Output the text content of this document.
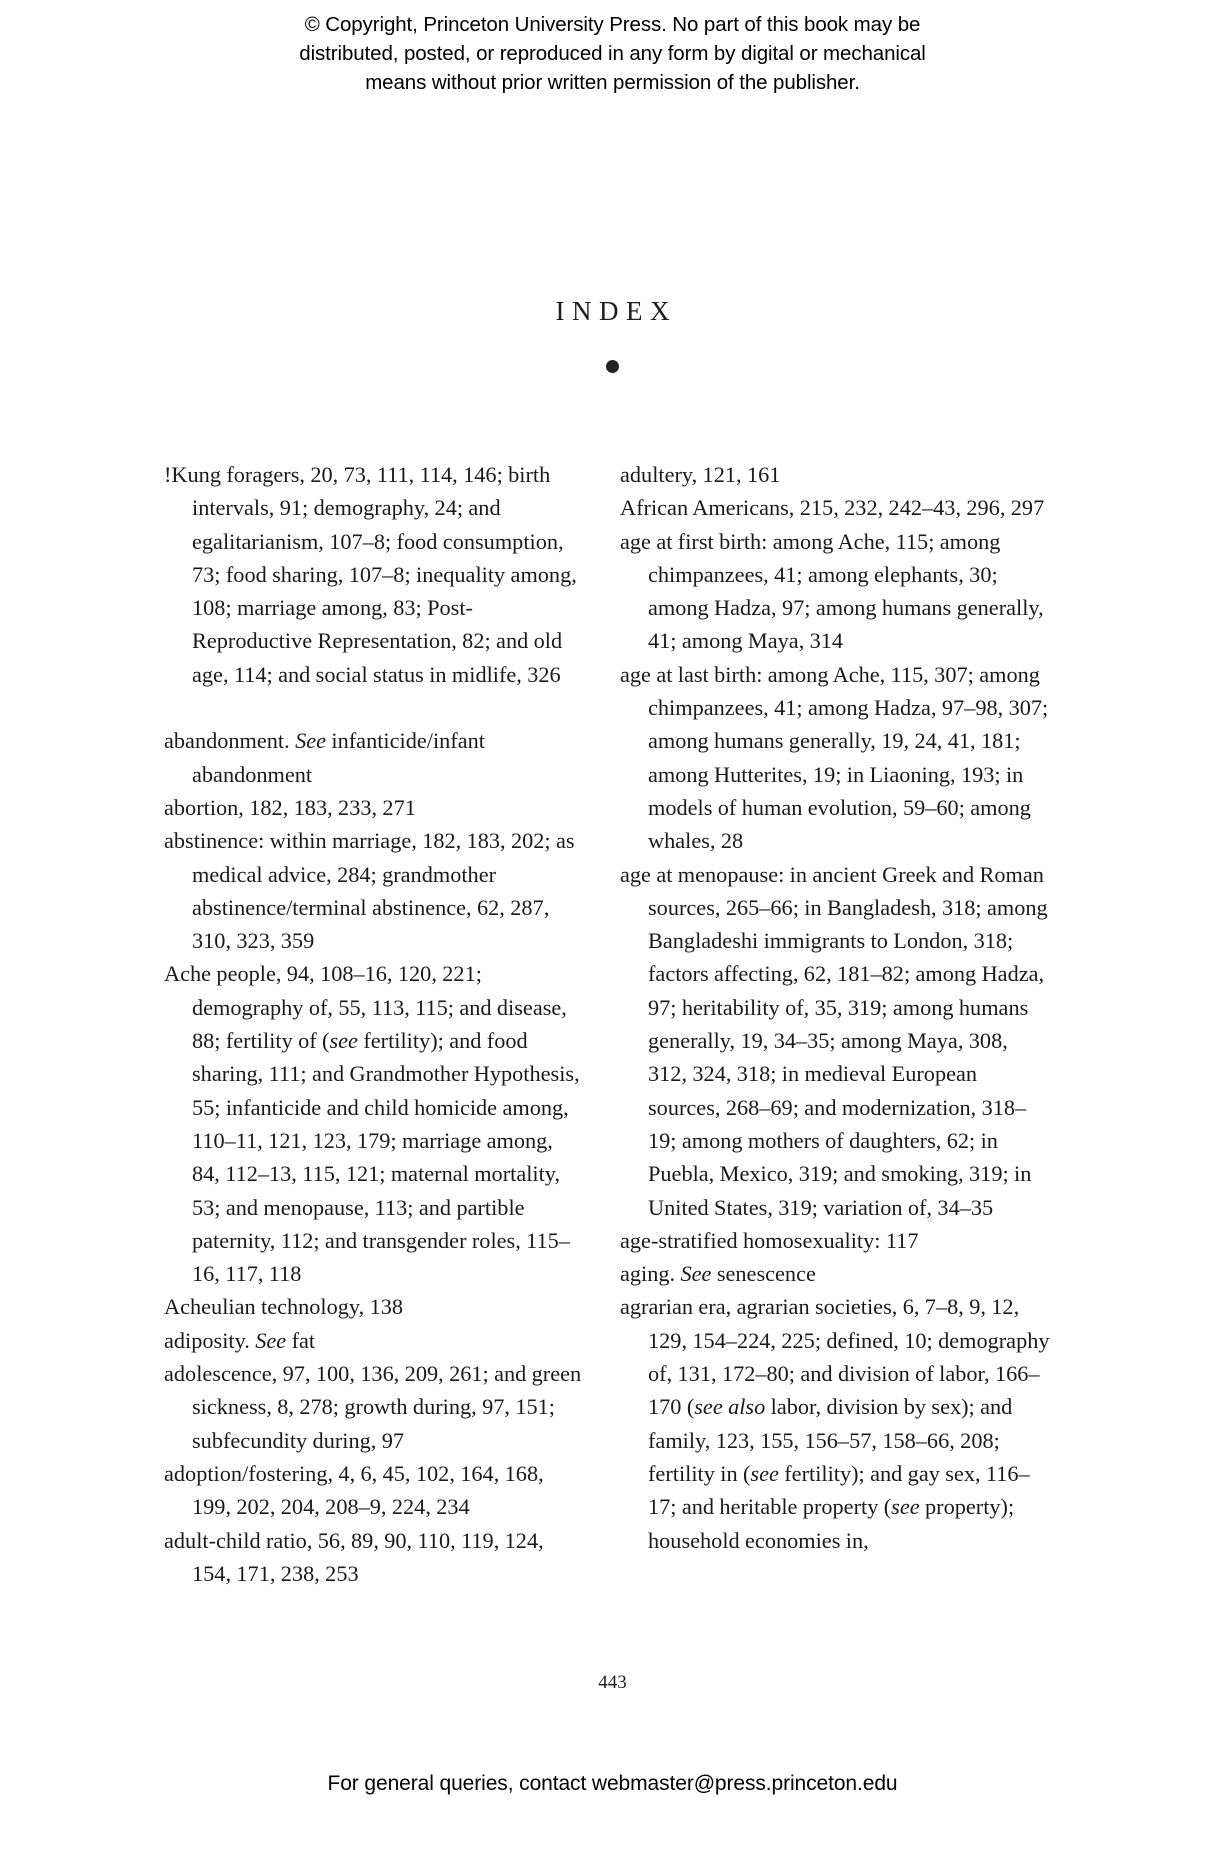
© Copyright, Princeton University Press. No part of this book may be
distributed, posted, or reproduced in any form by digital or mechanical
means without prior written permission of the publisher.
INDEX

!Kung foragers, 20, 73, 111, 114, 146; birth intervals, 91; demography, 24; and egalitarianism, 107–8; food consumption, 73; food sharing, 107–8; inequality among, 108; marriage among, 83; Post-Reproductive Representation, 82; and old age, 114; and social status in midlife, 326

abandonment. See infanticide/infant abandonment

abortion, 182, 183, 233, 271

abstinence: within marriage, 182, 183, 202; as medical advice, 284; grandmother abstinence/terminal abstinence, 62, 287, 310, 323, 359

Ache people, 94, 108–16, 120, 221; demography of, 55, 113, 115; and disease, 88; fertility of (see fertility); and food sharing, 111; and Grandmother Hypothesis, 55; infanticide and child homicide among, 110–11, 121, 123, 179; marriage among, 84, 112–13, 115, 121; maternal mortality, 53; and menopause, 113; and partible paternity, 112; and transgender roles, 115–16, 117, 118

Acheulian technology, 138

adiposity. See fat

adolescence, 97, 100, 136, 209, 261; and green sickness, 8, 278; growth during, 97, 151; subfecundity during, 97

adoption/fostering, 4, 6, 45, 102, 164, 168, 199, 202, 204, 208–9, 224, 234

adult-child ratio, 56, 89, 90, 110, 119, 124, 154, 171, 238, 253

adultery, 121, 161

African Americans, 215, 232, 242–43, 296, 297

age at first birth: among Ache, 115; among chimpanzees, 41; among elephants, 30; among Hadza, 97; among humans generally, 41; among Maya, 314

age at last birth: among Ache, 115, 307; among chimpanzees, 41; among Hadza, 97–98, 307; among humans generally, 19, 24, 41, 181; among Hutterites, 19; in Liaoning, 193; in models of human evolution, 59–60; among whales, 28

age at menopause: in ancient Greek and Roman sources, 265–66; in Bangladesh, 318; among Bangladeshi immigrants to London, 318; factors affecting, 62, 181–82; among Hadza, 97; heritability of, 35, 319; among humans generally, 19, 34–35; among Maya, 308, 312, 324, 318; in medieval European sources, 268–69; and modernization, 318–19; among mothers of daughters, 62; in Puebla, Mexico, 319; and smoking, 319; in United States, 319; variation of, 34–35

age-stratified homosexuality: 117

aging. See senescence

agrarian era, agrarian societies, 6, 7–8, 9, 12, 129, 154–224, 225; defined, 10; demography of, 131, 172–80; and division of labor, 166–170 (see also labor, division by sex); and family, 123, 155, 156–57, 158–66, 208; fertility in (see fertility); and gay sex, 116–17; and heritable property (see property); household economies in,

443
For general queries, contact webmaster@press.princeton.edu
